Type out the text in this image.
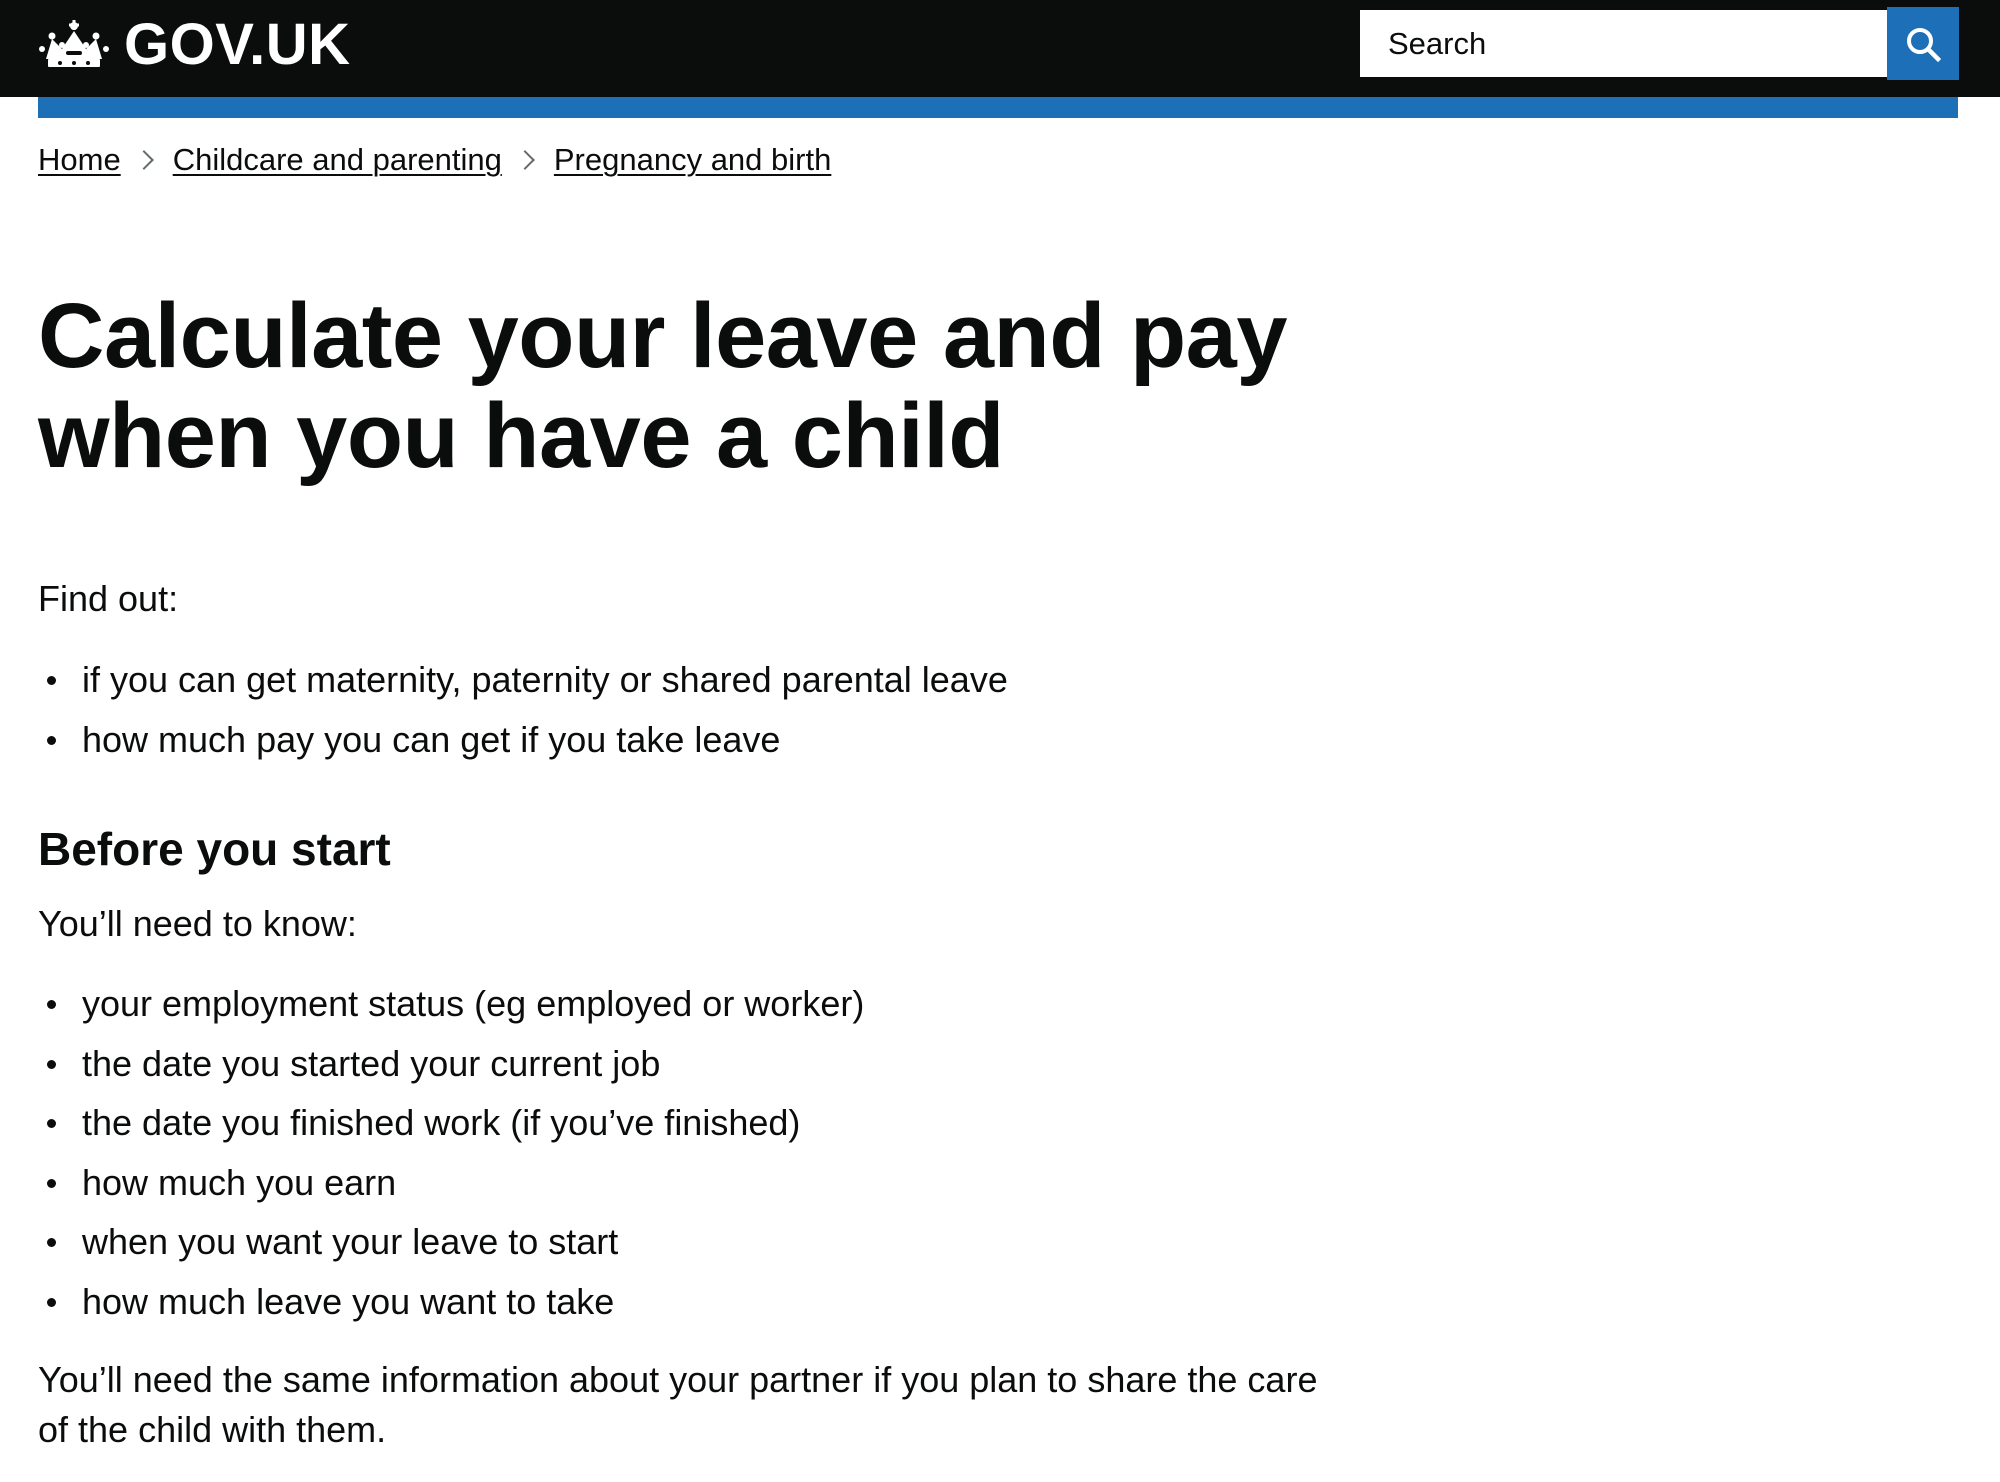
GOV.UK
Search
Home Childcare and parenting Pregnancy and birth
Calculate your leave and pay when you have a child

Find out:

if you can get maternity, paternity or shared parental leave
how much pay you can get if you take leave
Before you start

You’ll need to know:

your employment status (eg employed or worker)
the date you started your current job
the date you finished work (if you’ve finished)
how much you earn
when you want your leave to start
how much leave you want to take

You’ll need the same information about your partner if you plan to share the care of the child with them.
